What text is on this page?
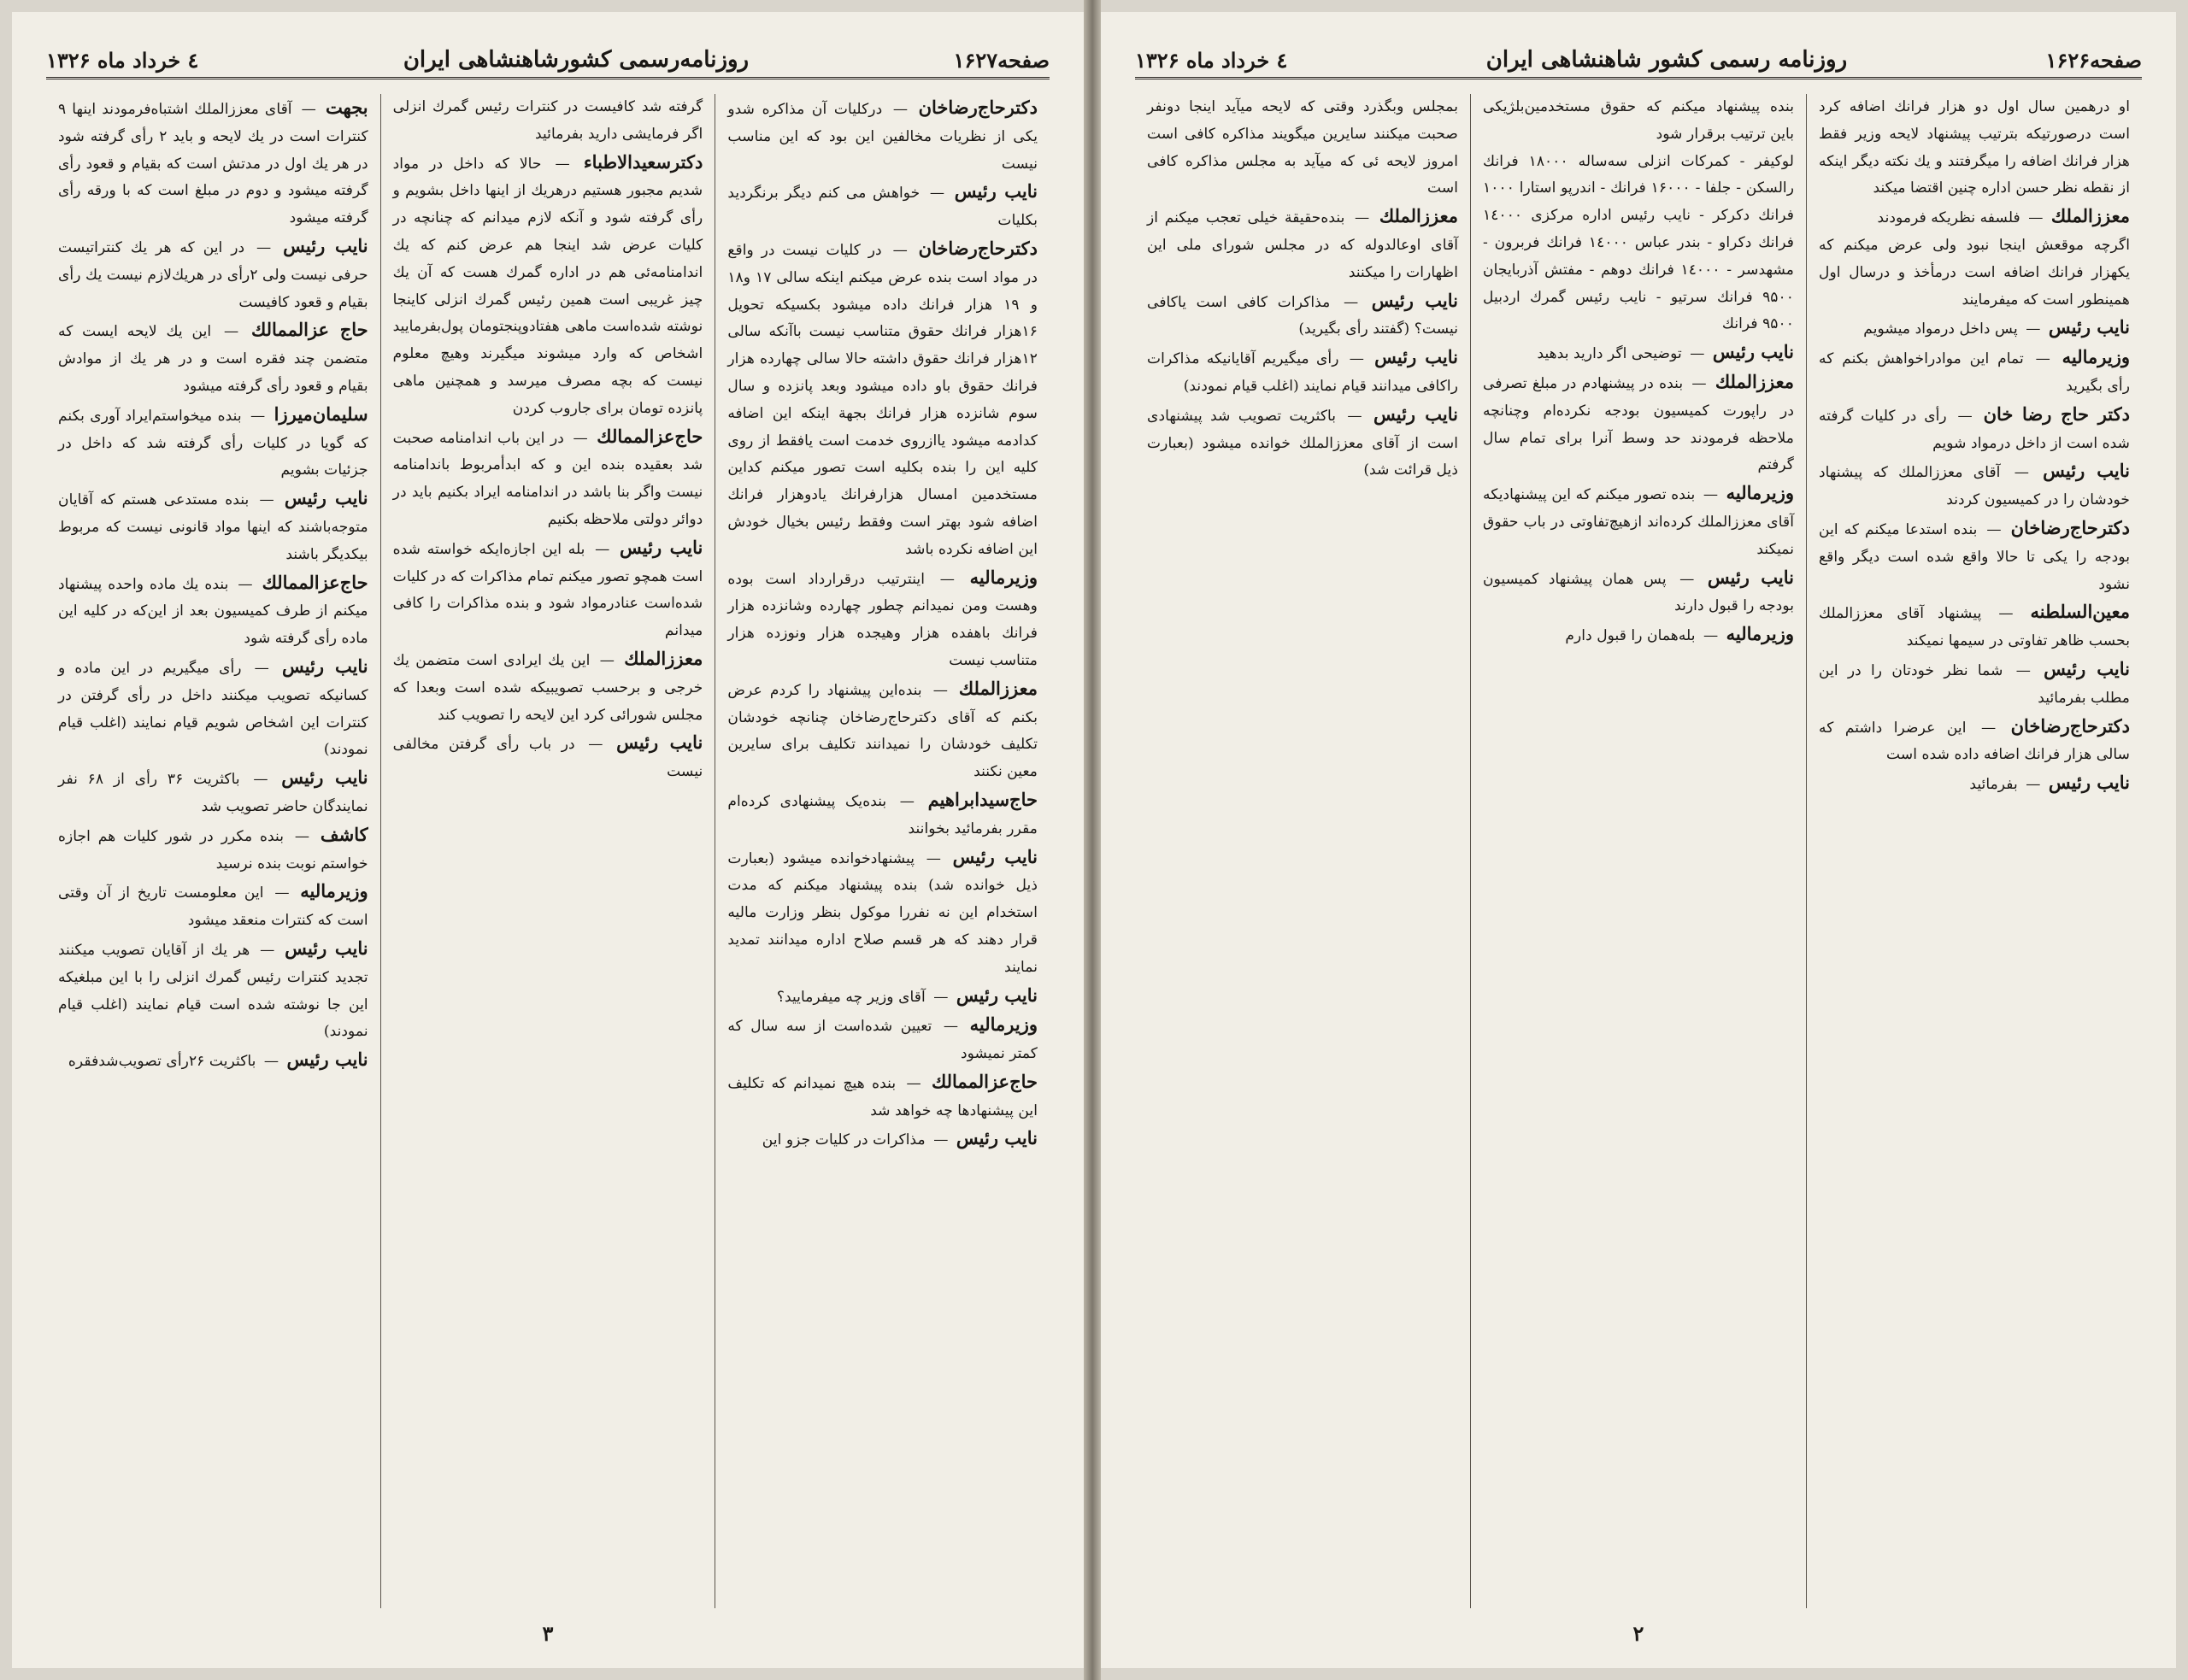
صفحه۱۶۲۷
روزنامه‌رسمی کشورشاهنشاهی ایران
٤ خرداد ماه ۱۳۲۶

دکترحاج‌رضاخان — درکلیات آن مذاکره شدو یکی از نظریات مخالفین این بود که این مناسب نیست

نایب رئیس — خواهش می کنم دیگر برنگردید بکلیات

دکترحاج‌رضاخان — در کلیات نیست در واقع در مواد است بنده عرض میکنم اینکه سالی ۱۷ و۱۸ و ۱۹ هزار فرانك داده میشود بکسیکه تحویل ۱۶هزار فرانك حقوق متناسب نیست باآنکه سالی ۱۲هزار فرانك حقوق داشته حالا سالی چهارده هزار فرانك حقوق باو داده میشود وبعد پانزده و سال سوم شانزده هزار فرانك بجهة اینکه این اضافه کدادمه میشود یاازروی خدمت است یافقط از روی کلیه این را بنده بکلیه است تصور میکنم کداین مستخدمین امسال هزارفرانك یادوهزار فرانك اضافه شود بهتر است وفقط رئیس بخیال خودش این اضافه نکرده باشد

وزیرمالیه — اینترتیب درقرارداد است بوده وهست ومن نمیدانم چطور چهارده وشانزده هزار فرانك باهفده هزار وهیجده هزار ونوزده هزار متناسب نیست

معززالملك — بنده‌این پیشنهاد را کردم عرض بکنم که آقای دکترحاج‌رضاخان چنانچه خودشان تکلیف خودشان را نمیدانند تکلیف برای سایرین معین نکنند

حاج‌سیدابراهیم — بنده‌یک پیشنهادی کرده‌ام مقرر بفرمائید بخوانند

نایب رئیس — پیشنهادخوانده میشود (بعبارت ذیل خوانده شد) بنده پیشنهاد میکنم که مدت استخدام این نه نفررا موکول بنظر وزارت مالیه قرار دهند که هر قسم صلاح اداره میدانند تمدید نمایند

نایب رئیس — آقای وزیر چه میفرمایید؟

وزیرمالیه — تعیین شده‌است از سه سال که کمتر نمیشود

حاج‌عزالممالك — بنده هیچ نمیدانم که تکلیف این پیشنهادها چه خواهد شد

نایب رئیس — مذاکرات در کلیات جزو این

گرفته شد کافیست در کنترات رئیس گمرك انزلی اگر فرمایشی دارید بفرمائید

دکترسعیدالاطباء — حالا که داخل در مواد شدیم مجبور هستیم درهریك از اینها داخل بشویم و رأی گرفته شود و آنکه لازم میدانم که چنانچه در کلیات عرض شد اینجا هم عرض کنم که یك اندامنامه‌ئی هم در اداره گمرك هست که آن یك چیز غریبی است همین رئیس گمرك انزلی کاینجا نوشته شده‌است ماهی هفتادوپنجتومان پول‌بفرمایید اشخاص که وارد میشوند میگیرند وهیچ معلوم نیست که بچه مصرف میرسد و همچنین ماهی پانزده تومان برای جاروب کردن

حاج‌عزالممالك — در این باب اندامنامه صحبت شد بعقیده بنده این و که ابدأمربوط باندامنامه نیست واگر بنا باشد در اندامنامه ایراد بکنیم باید در دوائر دولتی ملاحظه بکنیم

نایب رئیس — بله این اجازه‌ایکه خواسته شده است همچو تصور میکنم تمام مذاکرات که در کلیات شده‌است عنادرمواد شود و بنده مذاکرات را کافی میدانم

معززالملك — این یك ایرادی است متضمن یك خرجی و برحسب تصویبیکه شده است وبعدا که مجلس شورا‌ئی کرد این لایحه را تصویب کند

نایب رئیس — در باب رأی گرفتن مخالفی نیست

بجهت — آقای معززالملك اشتباه‌فرمودند اینها ۹ کنترات است در یك لایحه و باید ۲ رأی گرفته شود در هر یك اول در مدتش است که بقیام و قعود رأی گرفته میشود و دوم در مبلغ است که با ورقه رأی گرفته میشود

نایب رئیس — در این که هر یك کنتراتیست حرفی نیست ولی ۲رأی در هریك‌لازم نیست یك رأی بقیام و قعود کافیست

حاج عزالممالك — این یك لایحه ایست که متضمن چند فقره است و در هر یك از موادش بقیام و قعود رأی گرفته میشود

سلیمان‌میرزا — بنده میخواستم‌ایراد آوری بکنم که گویا در کلیات رأی گرفته شد که داخل در جزئیات بشویم

نایب رئیس — بنده مستدعی هستم که آقایان متوجه‌باشند که اینها مواد قانونی نیست که مربوط بیکدیگر باشند

حاج‌عزالممالك — بنده یك ماده واحده پیشنهاد میکنم از طرف کمیسیون بعد از این‌که در کلیه این ماده رأی گرفته شود

نایب رئیس — رأی میگیریم در این ماده و کسانیکه تصویب میکنند داخل در رأی گرفتن در کنترات این اشخاص شویم قیام نمایند (اغلب قیام نمودند)

نایب رئیس — باکثریت ۳۶ رأی از ۶۸ نفر نمایندگان حاضر تصویب شد

کاشف — بنده مکرر در شور کلیات هم اجازه خواستم نوبت بنده نرسید

وزیرمالیه — این معلومست تاریخ از آن وقتی است که کنترات منعقد میشود

نایب رئیس — هر یك از آقایان تصویب میکنند تجدید کنترات رئیس گمرك انزلی را با این مبلغیکه این جا نوشته شده است قیام نمایند (اغلب قیام نمودند)

نایب رئیس — باکثریت ۲۶رأی تصویب‌شدفقره

۳
صفحه۱۶۲۶
روزنامه رسمی کشور شاهنشاهی ایران
٤ خرداد ماه ۱۳۲۶

او درهمین سال اول دو هزار فرانك اضافه کرد است درصورتیکه بترتیب پیشنهاد لایحه وزیر فقط هزار فرانك اضافه را میگرفتند و یك نکته دیگر اینکه از نقطه نظر حسن اداره چنین اقتضا میکند

معززالملك — فلسفه نظریکه فرمودند

اگرچه موقعش اینجا نبود ولی عرض میکنم که یکهزار فرانك اضافه است درمأخذ و درسال اول همینطور است که میفرمایند

نایب رئیس — پس داخل درمواد میشویم

وزیرمالیه — تمام این موادراخواهش بکنم که رأی بگیرید

دکتر حاج رضا خان — رأی در کلیات گرفته شده است از داخل درمواد شویم

نایب رئیس — آقای معززالملك که پیشنهاد خودشان را در کمیسیون کردند

دکترحاج‌رضاخان — بنده استدعا میکنم که این بودجه را یکی تا حالا واقع شده است دیگر واقع نشود

معین‌السلطنه — پیشنهاد آقای معززالملك بحسب ظاهر تفاوتی در سیمها نمیکند

نایب رئیس — شما نظر خودتان را در این مطلب بفرمائید

دکترحاج‌رضاخان — این عرضرا داشتم که سالی هزار فرانك اضافه داده شده است

نایب رئیس — بفرمائید

بنده پیشنهاد میکنم که حقوق مستخدمین‌بلژیکی باین ترتیب برقرار شود

لوکیفر - کمرکات انزلی سه‌ساله ۱۸۰۰۰ فرانك رالسکن - جلفا - ۱۶۰۰۰ فرانك - اندرپو استارا ۱۰۰۰ فرانك دکرکر - نایب رئیس اداره مرکزی ۱٤۰۰۰ فرانك دکراو - بندر عباس ۱٤۰۰۰ فرانك فربرون - مشهدسر - ۱٤۰۰۰ فرانك دوهم - مفتش آذربایجان ۹۵۰۰ فرانك سرتیو - نایب رئیس گمرك اردبیل ۹۵۰۰ فرانك

نایب رئیس — توضیحی اگر دارید بدهید

معززالملك — بنده در پیشنهادم در مبلغ تصرفی در راپورت کمیسیون بودجه نکرده‌ام وچنانچه ملاحظه فرمودند حد وسط آنرا برای تمام سال گرفتم

وزیرمالیه — بنده تصور میکنم که این پیشنهادیکه آقای معززالملك کرده‌اند ازهیچ‌تفاوتی در باب حقوق نمیکند

نایب رئیس — پس همان پیشنهاد کمیسیون بودجه را قبول دارند

وزیرمالیه — بله‌همان را قبول دارم

بمجلس وبگذرد وقتی که لایحه میآید اینجا دونفر صحبت میکنند سایرین میگویند مذاکره کافی است امروز لایحه ئی که میآید به مجلس مذاکره کافی است

معززالملك — بنده‌حقیقة خیلی تعجب میکنم از آقای اوعالدوله که در مجلس شورای ملی این اظهارات را میکنند

نایب رئیس — مذاکرات کافی است یاکافی نیست؟ (گفتند رأی بگیرید)

نایب رئیس — رأی میگیریم آقایانیکه مذاکرات راکافی میدانند قیام نمایند (اغلب قیام نمودند)

نایب رئیس — باکثریت تصویب شد پیشنهادی است از آقای معززالملك خوانده میشود (بعبارت ذیل قرائت شد)

۲
